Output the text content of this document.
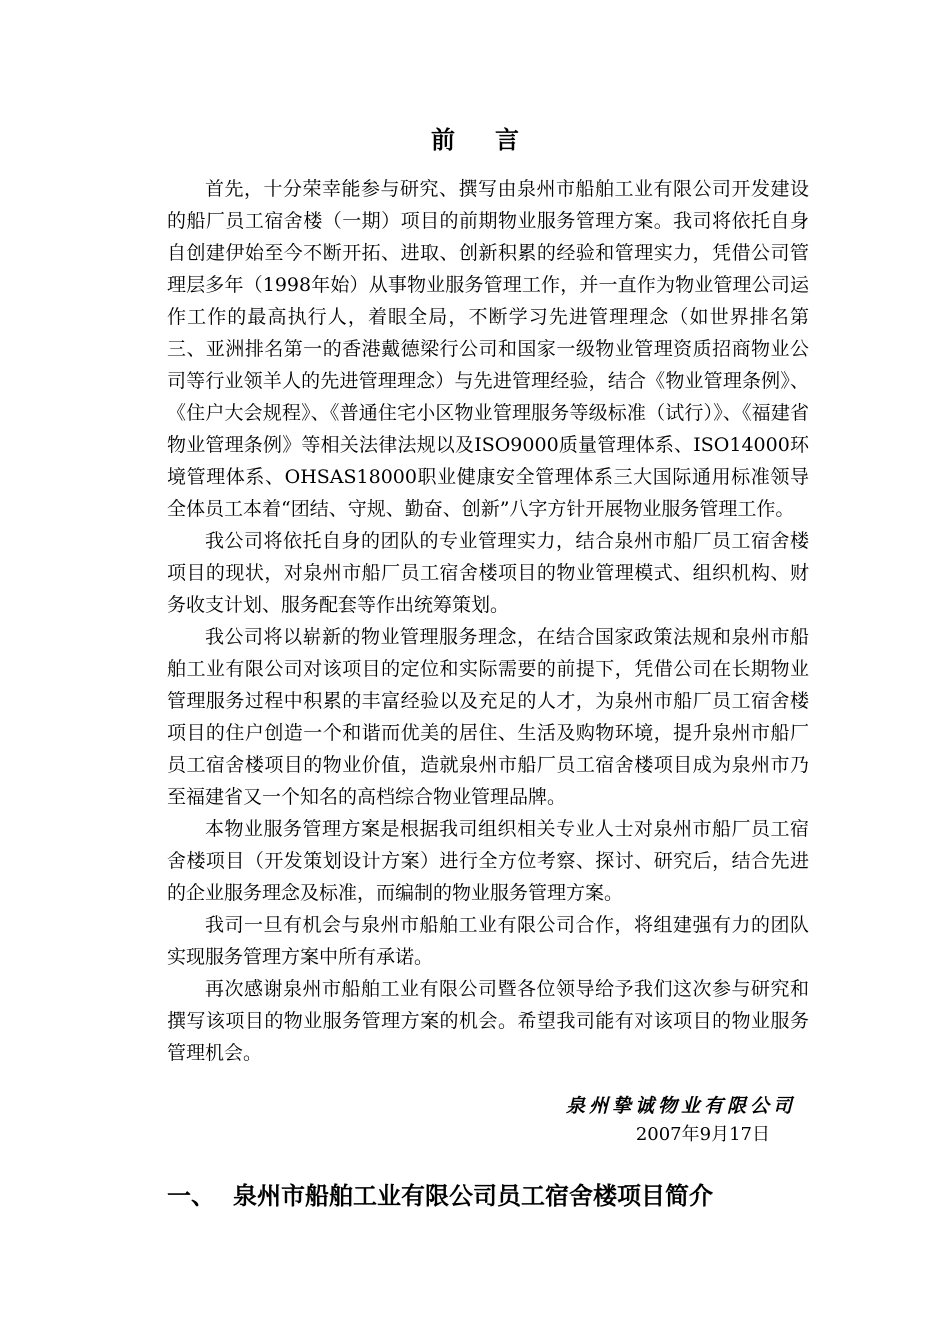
前言

首先，十分荣幸能参与研究、撰写由泉州市船舶工业有限公司开发建设的船厂员工宿舍楼（一期）项目的前期物业服务管理方案。我司将依托自身自创建伊始至今不断开拓、进取、创新积累的经验和管理实力，凭借公司管理层多年（1998年始）从事物业服务管理工作，并一直作为物业管理公司运作工作的最高执行人，着眼全局，不断学习先进管理理念（如世界排名第三、亚洲排名第一的香港戴德梁行公司和国家一级物业管理资质招商物业公司等行业领羊人的先进管理理念）与先进管理经验，结合《物业管理条例》、《住户大会规程》、《普通住宅小区物业管理服务等级标准（试行）》、《福建省物业管理条例》等相关法律法规以及ISO9000质量管理体系、ISO14000环境管理体系、OHSAS18000职业健康安全管理体系三大国际通用标准领导全体员工本着“团结、守规、勤奋、创新”八字方针开展物业服务管理工作。

我公司将依托自身的团队的专业管理实力，结合泉州市船厂员工宿舍楼项目的现状，对泉州市船厂员工宿舍楼项目的物业管理模式、组织机构、财务收支计划、服务配套等作出统筹策划。

我公司将以崭新的物业管理服务理念，在结合国家政策法规和泉州市船舶工业有限公司对该项目的定位和实际需要的前提下，凭借公司在长期物业管理服务过程中积累的丰富经验以及充足的人才，为泉州市船厂员工宿舍楼项目的住户创造一个和谐而优美的居住、生活及购物环境，提升泉州市船厂员工宿舍楼项目的物业价值，造就泉州市船厂员工宿舍楼项目成为泉州市乃至福建省又一个知名的高档综合物业管理品牌。

本物业服务管理方案是根据我司组织相关专业人士对泉州市船厂员工宿舍楼项目（开发策划设计方案）进行全方位考察、探讨、研究后，结合先进的企业服务理念及标准，而编制的物业服务管理方案。

我司一旦有机会与泉州市船舶工业有限公司合作，将组建强有力的团队实现服务管理方案中所有承诺。

再次感谢泉州市船舶工业有限公司暨各位领导给予我们这次参与研究和撰写该项目的物业服务管理方案的机会。希望我司能有对该项目的物业服务管理机会。

泉州挚诚物业有限公司
2007年9月17日
一、 泉州市船舶工业有限公司员工宿舍楼项目简介
